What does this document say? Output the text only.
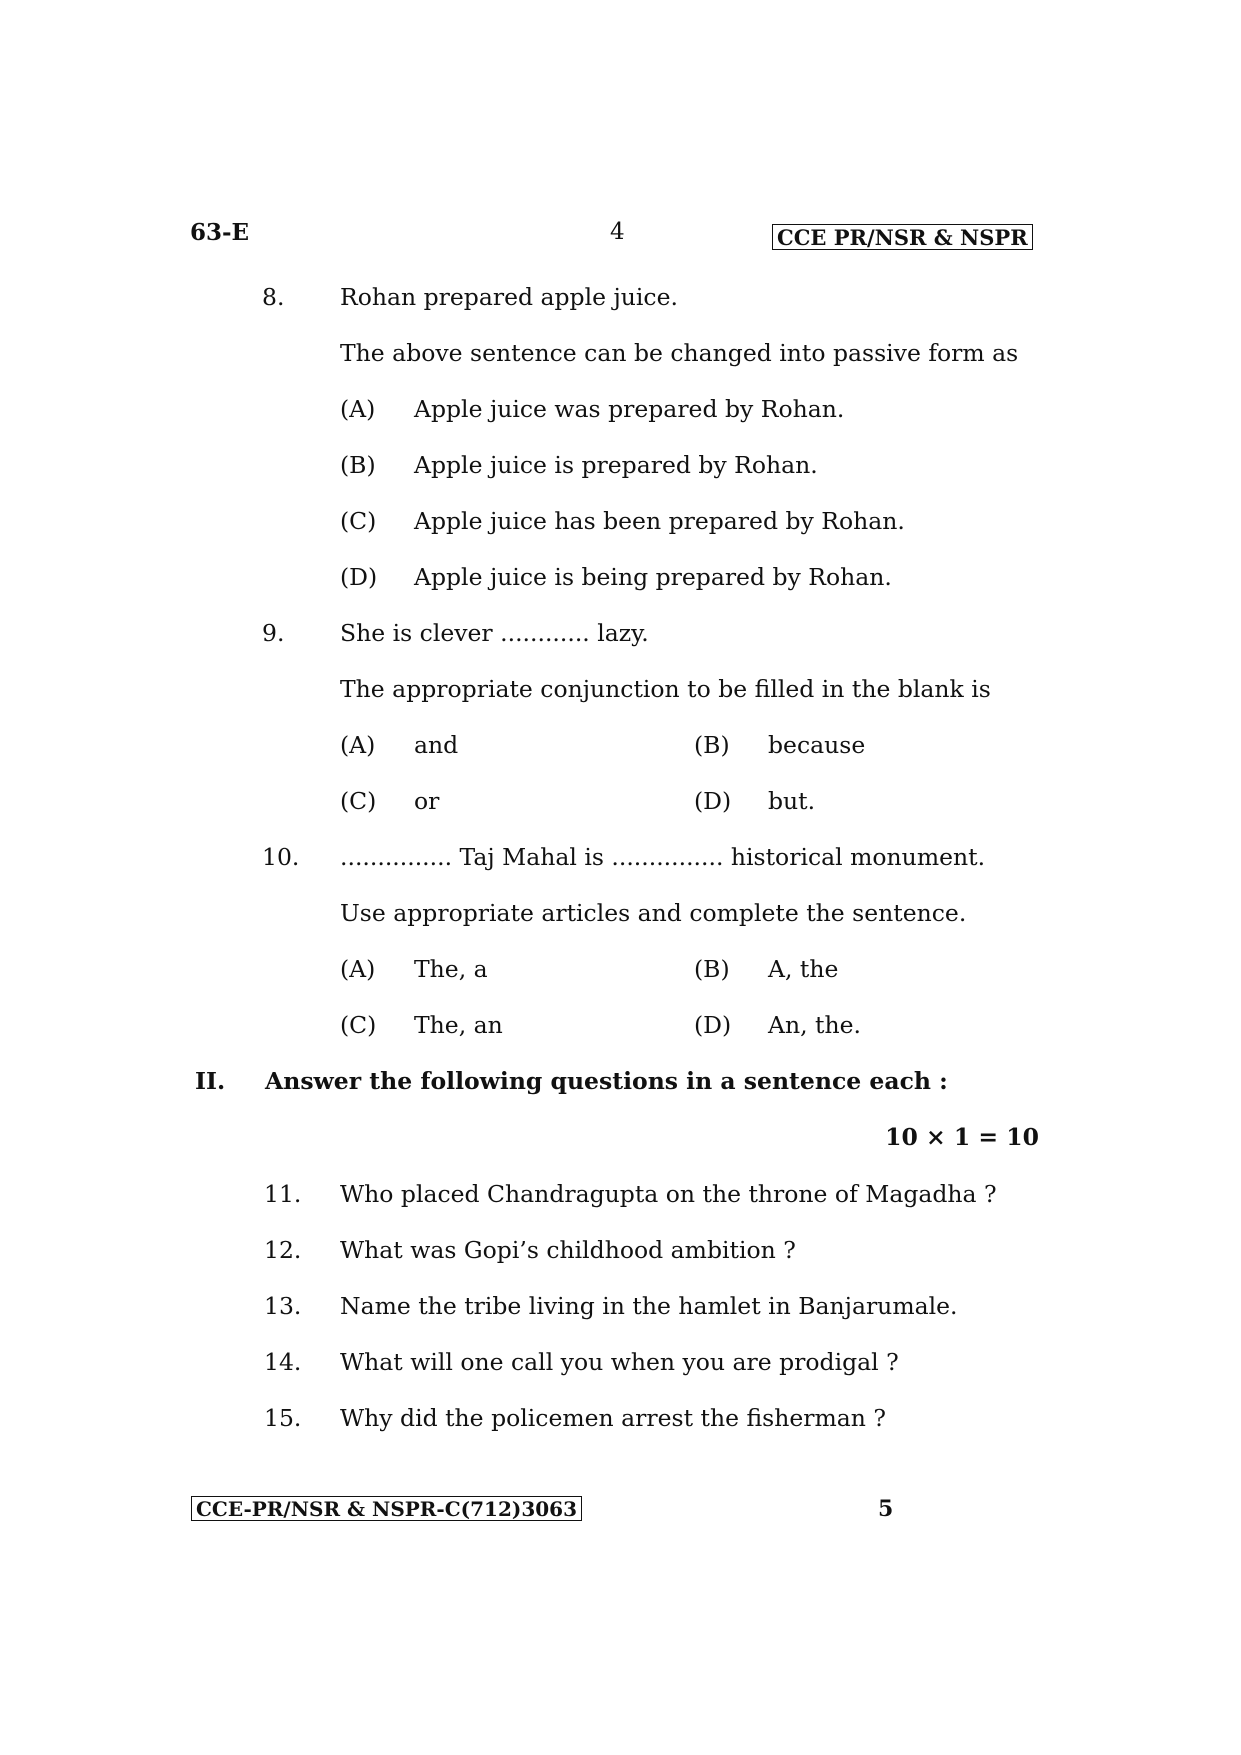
63-E	4	CCE PR/NSR & NSPR
8. Rohan prepared apple juice.
The above sentence can be changed into passive form as
(A) Apple juice was prepared by Rohan.
(B) Apple juice is prepared by Rohan.
(C) Apple juice has been prepared by Rohan.
(D) Apple juice is being prepared by Rohan.
9. She is clever ............ lazy.
The appropriate conjunction to be filled in the blank is
(A) and	(B) because
(C) or	(D) but.
10. ............... Taj Mahal is ............... historical monument.
Use appropriate articles and complete the sentence.
(A) The, a	(B) A, the
(C) The, an	(D) An, the.
II. Answer the following questions in a sentence each :
10 × 1 = 10
11. Who placed Chandragupta on the throne of Magadha ?
12. What was Gopi’s childhood ambition ?
13. Name the tribe living in the hamlet in Banjarumale.
14. What will one call you when you are prodigal ?
15. Why did the policemen arrest the fisherman ?
CCE-PR/NSR & NSPR-C(712)3063	5
